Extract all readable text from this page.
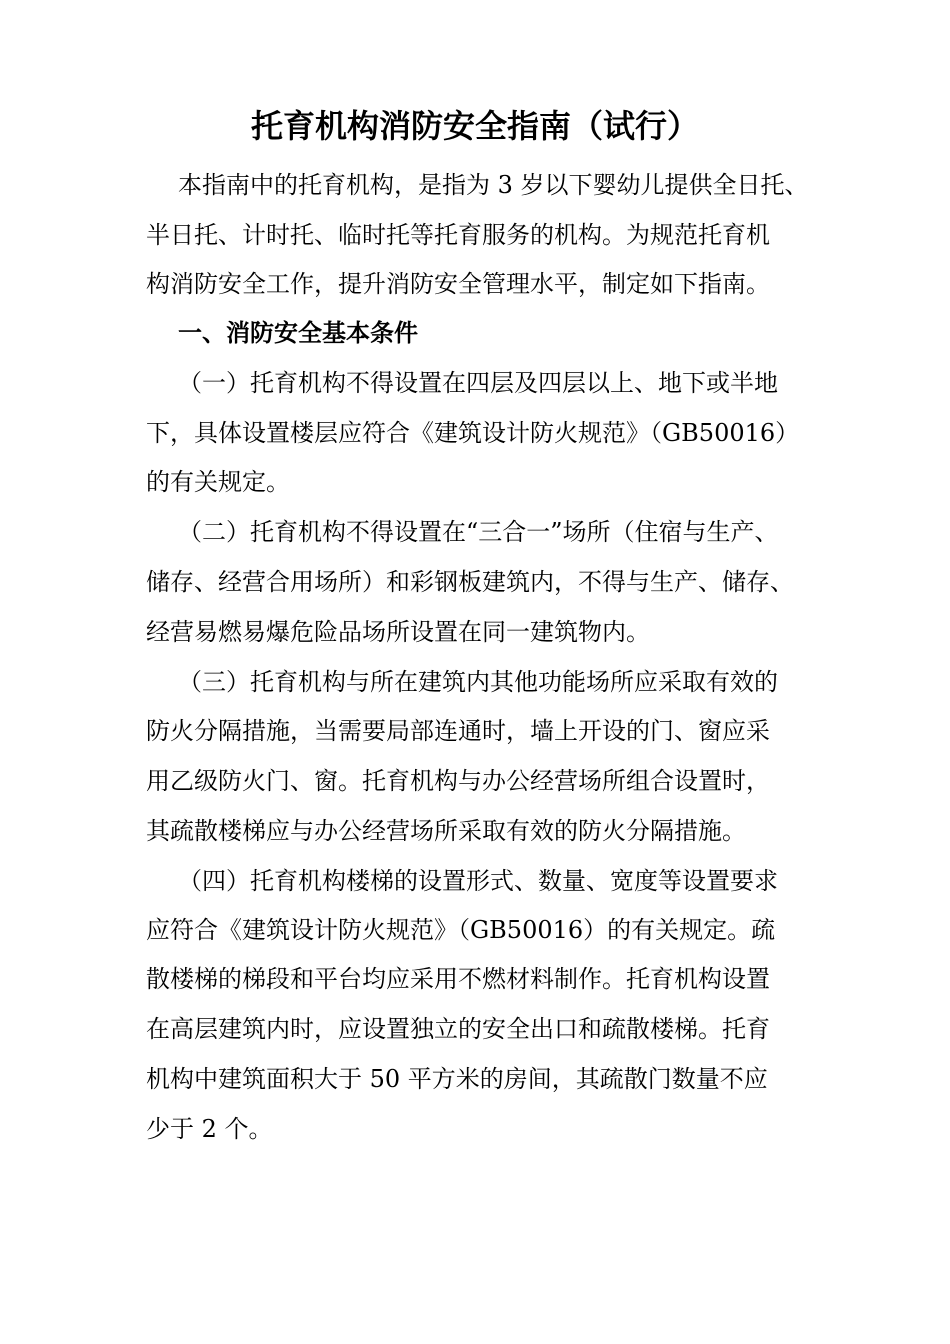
托育机构消防安全指南（试行）

本指南中的托育机构，是指为 3 岁以下婴幼儿提供全日托、

半日托、计时托、临时托等托育服务的机构。为规范托育机

构消防安全工作，提升消防安全管理水平，制定如下指南。

一、消防安全基本条件

（一）托育机构不得设置在四层及四层以上、地下或半地

下，具体设置楼层应符合《建筑设计防火规范》（GB50016）

的有关规定。

（二）托育机构不得设置在“三合一”场所（住宿与生产、

储存、经营合用场所）和彩钢板建筑内，不得与生产、储存、

经营易燃易爆危险品场所设置在同一建筑物内。

（三）托育机构与所在建筑内其他功能场所应采取有效的

防火分隔措施，当需要局部连通时，墙上开设的门、窗应采

用乙级防火门、窗。托育机构与办公经营场所组合设置时，

其疏散楼梯应与办公经营场所采取有效的防火分隔措施。

（四）托育机构楼梯的设置形式、数量、宽度等设置要求

应符合《建筑设计防火规范》（GB50016）的有关规定。疏

散楼梯的梯段和平台均应采用不燃材料制作。托育机构设置

在高层建筑内时，应设置独立的安全出口和疏散楼梯。托育

机构中建筑面积大于 50 平方米的房间，其疏散门数量不应

少于 2 个。
